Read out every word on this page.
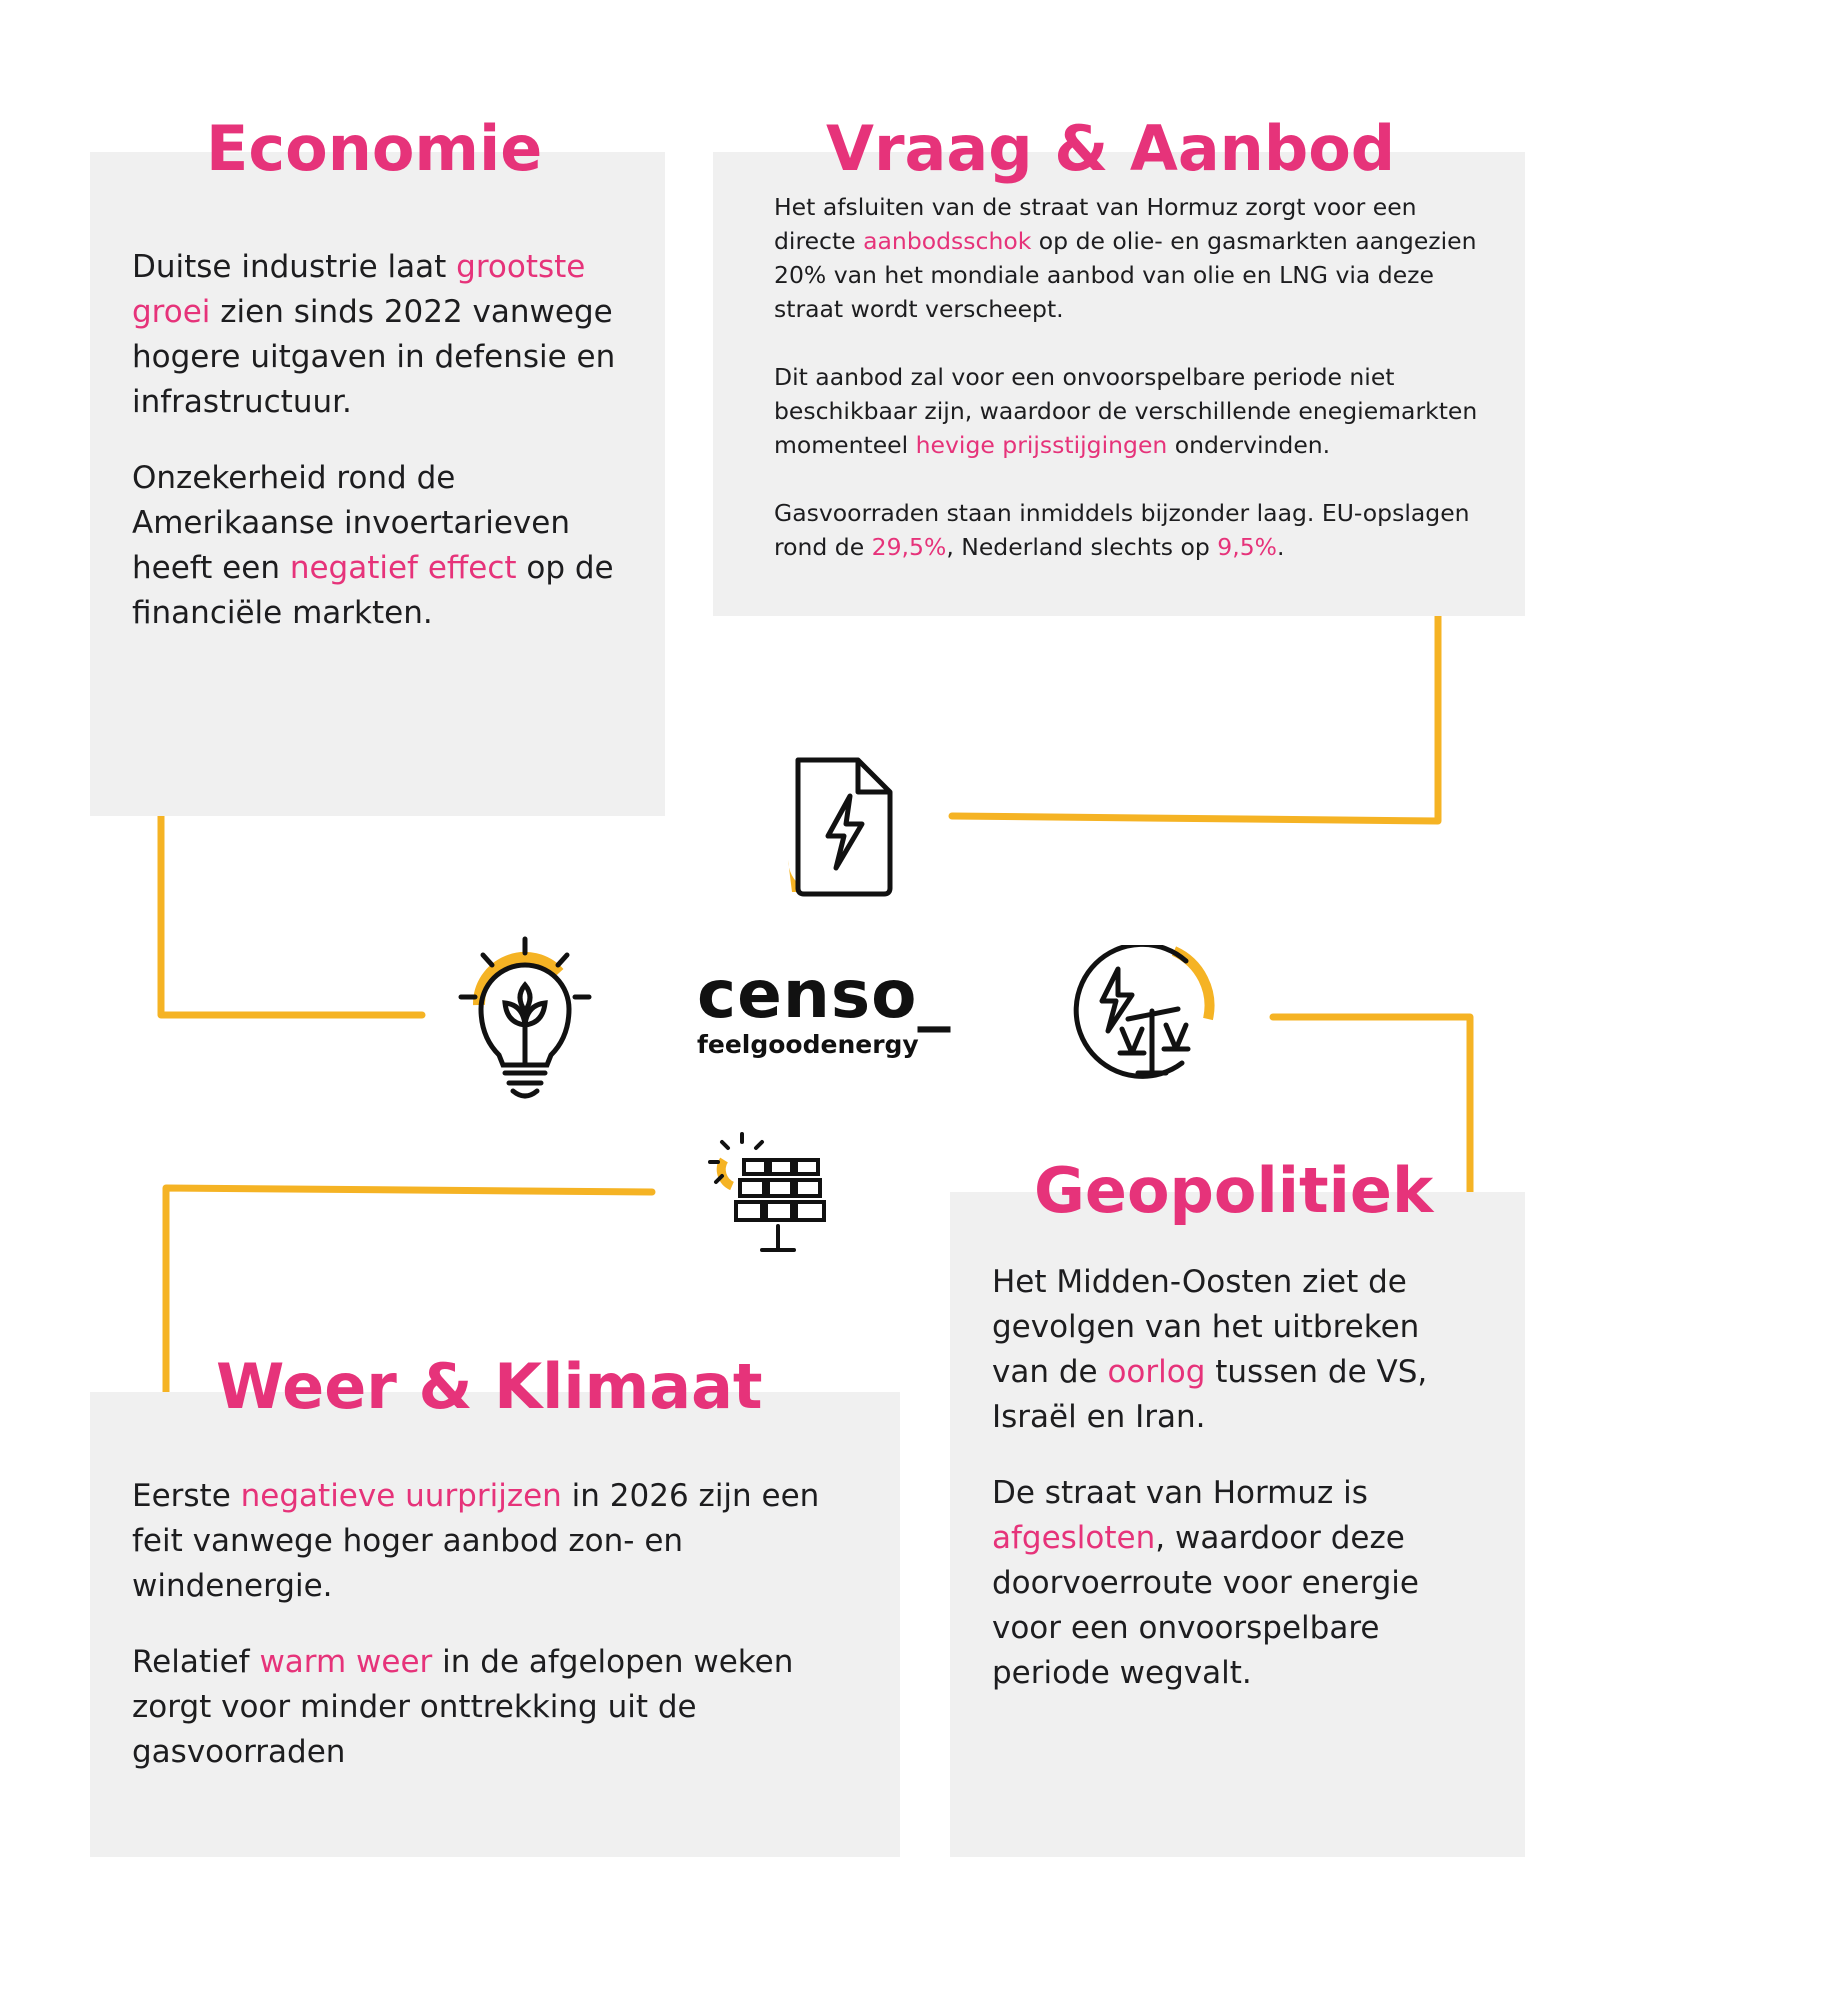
Economie

Duitse industrie laat grootste groei zien sinds 2022 vanwege hogere uitgaven in defensie en infrastructuur.

Onzekerheid rond de Amerikaanse invoertarieven heeft een negatief effect op de financiële markten.

Vraag & Aanbod

Het afsluiten van de straat van Hormuz zorgt voor een directe aanbodsschok op de olie- en gasmarkten aangezien 20% van het mondiale aanbod van olie en LNG via deze straat wordt verscheept.

Dit aanbod zal voor een onvoorspelbare periode niet beschikbaar zijn, waardoor de verschillende enegiemarkten momenteel hevige prijsstijgingen ondervinden.

Gasvoorraden staan inmiddels bijzonder laag. EU-opslagen rond de 29,5%, Nederland slechts op 9,5%.

Weer & Klimaat

Eerste negatieve uurprijzen in 2026 zijn een feit vanwege hoger aanbod zon- en windenergie.

Relatief warm weer in de afgelopen weken zorgt voor minder onttrekking uit de gasvoorraden

Geopolitiek

Het Midden-Oosten ziet de gevolgen van het uitbreken van de oorlog tussen de VS, Israël en Iran.

De straat van Hormuz is afgesloten, waardoor deze doorvoerroute voor energie voor een onvoorspelbare periode wegvalt.

censo_
feelgoodenergy
